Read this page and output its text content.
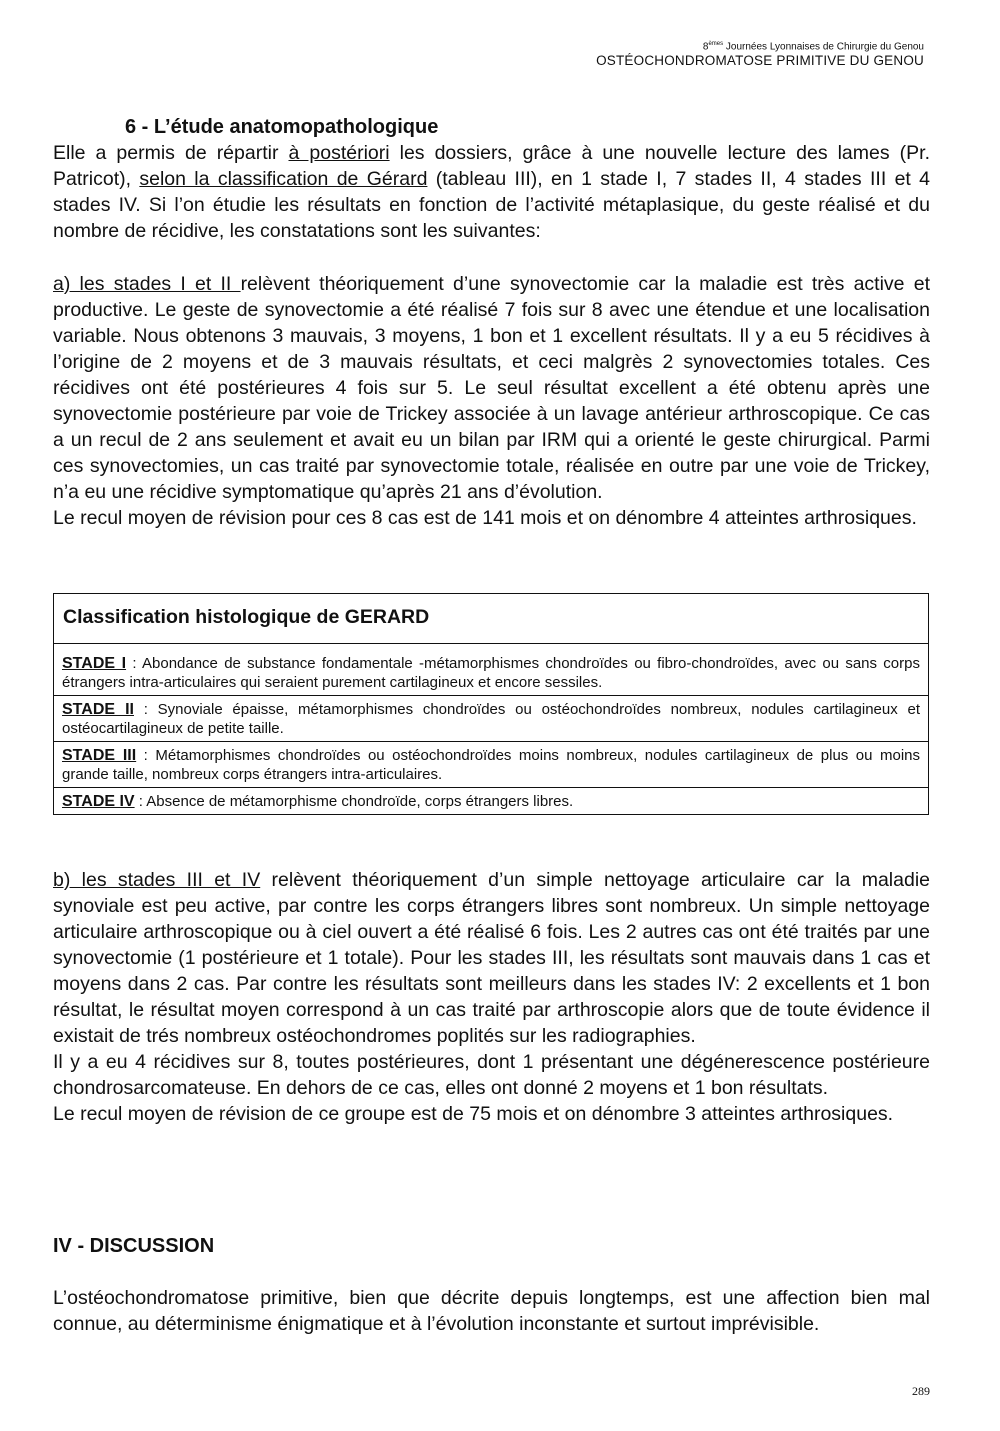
8èmes Journées Lyonnaises de Chirurgie du Genou
OSTÉOCHONDROMATOSE PRIMITIVE DU GENOU
6 - L’étude anatomopathologique

Elle a permis de répartir à postériori les dossiers, grâce à une nouvelle lecture des lames (Pr. Patricot), selon la classification de Gérard (tableau III), en 1 stade I, 7 stades II, 4 stades III et 4 stades IV. Si l’on étudie les résultats en fonction de l’activité métaplasique, du geste réalisé et du nombre de récidive, les constatations sont les suivantes:

a) les stades I et II relèvent théoriquement d’une synovectomie car la maladie est très active et productive. Le geste de synovectomie a été réalisé 7 fois sur 8 avec une étendue et une localisation variable. Nous obtenons 3 mauvais, 3 moyens, 1 bon et 1 excellent résultats. Il y a eu 5 récidives à l’origine de 2 moyens et de 3 mauvais résultats, et ceci malgrès 2 synovectomies totales. Ces récidives ont été postérieures 4 fois sur 5. Le seul résultat excellent a été obtenu après une synovectomie postérieure par voie de Trickey associée à un lavage antérieur arthroscopique. Ce cas a un recul de 2 ans seulement et avait eu un bilan par IRM qui a orienté le geste chirurgical. Parmi ces synovectomies, un cas traité par synovectomie totale, réalisée en outre par une voie de Trickey, n’a eu une récidive symptomatique qu’après 21 ans d’évolution.

Le recul moyen de révision pour ces 8 cas est de 141 mois et on dénombre 4 atteintes arthrosiques.

Classification histologique de GERARD
STADE I : Abondance de substance fondamentale -métamorphismes chondroïdes ou fibro-chondroïdes, avec ou sans corps étrangers intra-articulaires qui seraient purement cartilagineux et encore sessiles.
STADE II : Synoviale épaisse, métamorphismes chondroïdes ou ostéochondroïdes nombreux, nodules cartilagineux et ostéocartilagineux de petite taille.
STADE III : Métamorphismes chondroïdes ou ostéochondroïdes moins nombreux, nodules cartilagineux de plus ou moins grande taille, nombreux corps étrangers intra-articulaires.
STADE IV : Absence de métamorphisme chondroïde, corps étrangers libres.

b) les stades III et IV relèvent théoriquement d’un simple nettoyage articulaire car la maladie synoviale est peu active, par contre les corps étrangers libres sont nombreux. Un simple nettoyage articulaire arthroscopique ou à ciel ouvert a été réalisé 6 fois. Les 2 autres cas ont été traités par une synovectomie (1 postérieure et 1 totale). Pour les stades III, les résultats sont mauvais dans 1 cas et moyens dans 2 cas. Par contre les résultats sont meilleurs dans les stades IV: 2 excellents et 1 bon résultat, le résultat moyen correspond à un cas traité par arthroscopie alors que de toute évidence il existait de trés nombreux ostéochondromes poplités sur les radiographies.

Il y a eu 4 récidives sur 8, toutes postérieures, dont 1 présentant une dégénerescence postérieure chondrosarcomateuse. En dehors de ce cas, elles ont donné 2 moyens et 1 bon résultats.

Le recul moyen de révision de ce groupe est de 75 mois et on dénombre 3 atteintes arthrosiques.

IV - DISCUSSION

L’ostéochondromatose primitive, bien que décrite depuis longtemps, est une affection bien mal connue, au déterminisme énigmatique et à l’évolution inconstante et surtout imprévisible.

289
